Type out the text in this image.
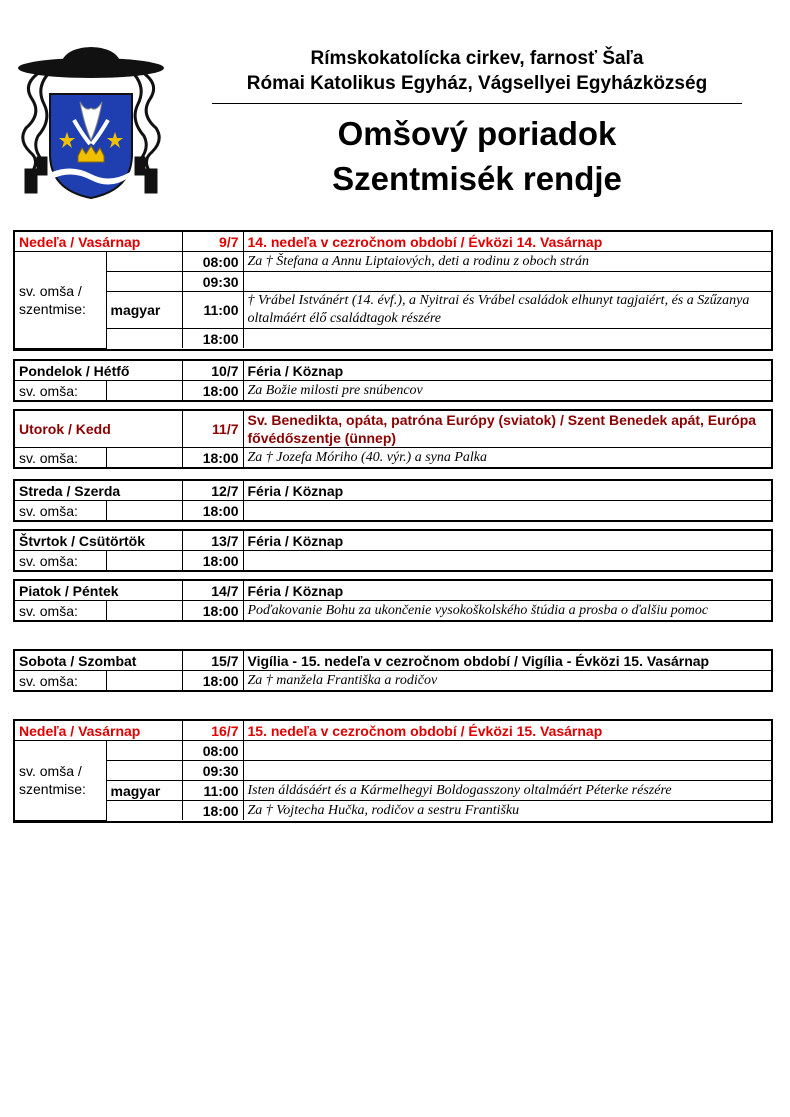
Rímskokatolícka cirkev, farnosť Šaľa
Római Katolikus Egyház, Vágsellyei Egyházközség
Omšový poriadok
Szentmisék rendje
Nedeľa / Vasárnap		9/7	14. nedeľa v cezročnom období / Évközi 14. Vasárnap
sv. omša / szentmise:		08:00	Za † Štefana a Annu Liptaiových, deti a rodinu z oboch strán
		09:30	
	magyar	11:00	† Vrábel Istvánért (14. évf.), a Nyitrai és Vrábel családok elhunyt tagjaiért, és a Szűzanya oltalmáért élő családtagok részére
		18:00	
Pondelok / Hétfő		10/7	Féria / Köznap
sv. omša:		18:00	Za Božie milosti pre snúbencov
Utorok / Kedd		11/7	Sv. Benedikta, opáta, patróna Európy (sviatok) / Szent Benedek apát, Európa fővédőszentje (ünnep)
sv. omša:		18:00	Za † Jozefa Móriho (40. výr.) a syna Palka
Streda / Szerda		12/7	Féria / Köznap
sv. omša:		18:00	
Štvrtok / Csütörtök		13/7	Féria / Köznap
sv. omša:		18:00	
Piatok / Péntek		14/7	Féria / Köznap
sv. omša:		18:00	Poďakovanie Bohu za ukončenie vysokoškolského štúdia a prosba o ďalšiu pomoc
Sobota / Szombat		15/7	Vigília - 15. nedeľa v cezročnom období / Vigília - Évközi 15. Vasárnap
sv. omša:		18:00	Za † manžela Františka a rodičov
Nedeľa / Vasárnap		16/7	15. nedeľa v cezročnom období / Évközi 15. Vasárnap
sv. omša / szentmise:		08:00	
		09:30	
	magyar	11:00	Isten áldásáért és a Kármelhegyi Boldogasszony oltalmáért Péterke részére
		18:00	Za † Vojtecha Hučka, rodičov a sestru Františku
